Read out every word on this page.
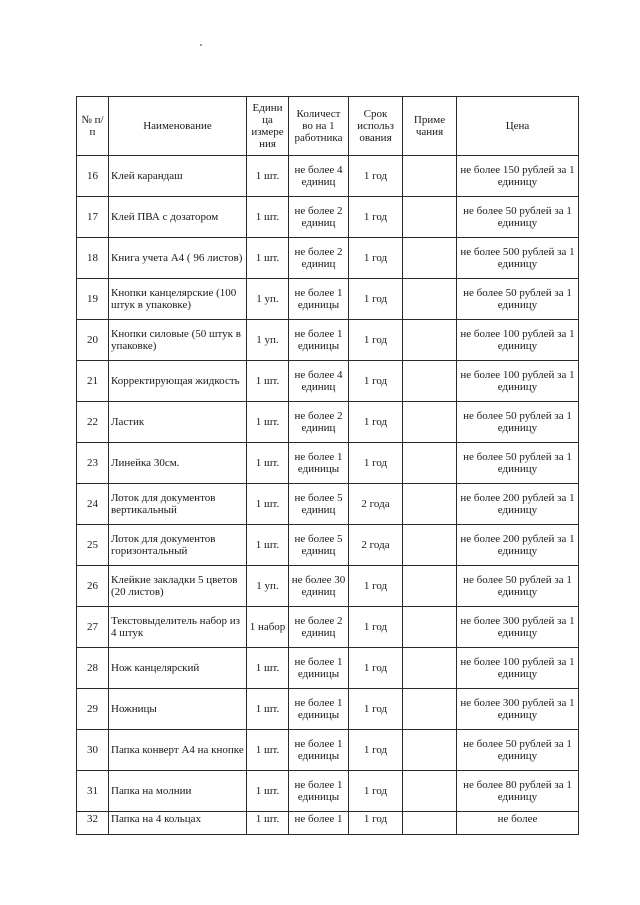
№ п/п	Наименование	Едини ца измере ния	Количест во на 1 работника	Срок использ ования	Приме чания	Цена
16	Клей карандаш	1 шт.	не более 4 единиц	1 год		не более 150 рублей за 1 единицу
17	Клей ПВА с дозатором	1 шт.	не более 2 единиц	1 год		не более 50 рублей за 1 единицу
18	Книга учета А4 ( 96 листов)	1 шт.	не более 2 единиц	1 год		не более 500 рублей за 1 единицу
19	Кнопки канцелярские (100 штук в упаковке)	1 уп.	не более 1 единицы	1 год		не более 50 рублей за 1 единицу
20	Кнопки силовые (50 штук в упаковке)	1 уп.	не более 1 единицы	1 год		не более 100 рублей за 1 единицу
21	Корректирующая жидкость	1 шт.	не более 4 единиц	1 год		не более 100 рублей за 1 единицу
22	Ластик	1 шт.	не более 2 единиц	1 год		не более 50 рублей за 1 единицу
23	Линейка 30см.	1 шт.	не более 1 единицы	1 год		не более 50 рублей за 1 единицу
24	Лоток для документов вертикальный	1 шт.	не более 5 единиц	2 года		не более 200 рублей за 1 единицу
25	Лоток для документов горизонтальный	1 шт.	не более 5 единиц	2 года		не более 200 рублей за 1 единицу
26	Клейкие закладки 5 цветов (20 листов)	1 уп.	не более 30 единиц	1 год		не более 50 рублей за 1 единицу
27	Текстовыделитель набор из 4 штук	1 набор	не более 2 единиц	1 год		не более 300 рублей за 1 единицу
28	Нож канцелярский	1 шт.	не более 1 единицы	1 год		не более 100 рублей за 1 единицу
29	Ножницы	1 шт.	не более 1 единицы	1 год		не более 300 рублей за 1 единицу
30	Папка конверт А4 на кнопке	1 шт.	не более 1 единицы	1 год		не более 50 рублей за 1 единицу
31	Папка на молнии	1 шт.	не более 1 единицы	1 год		не более 80 рублей за 1 единицу
32	Папка на 4 кольцах	1 шт.	не более 1	1 год		не более
